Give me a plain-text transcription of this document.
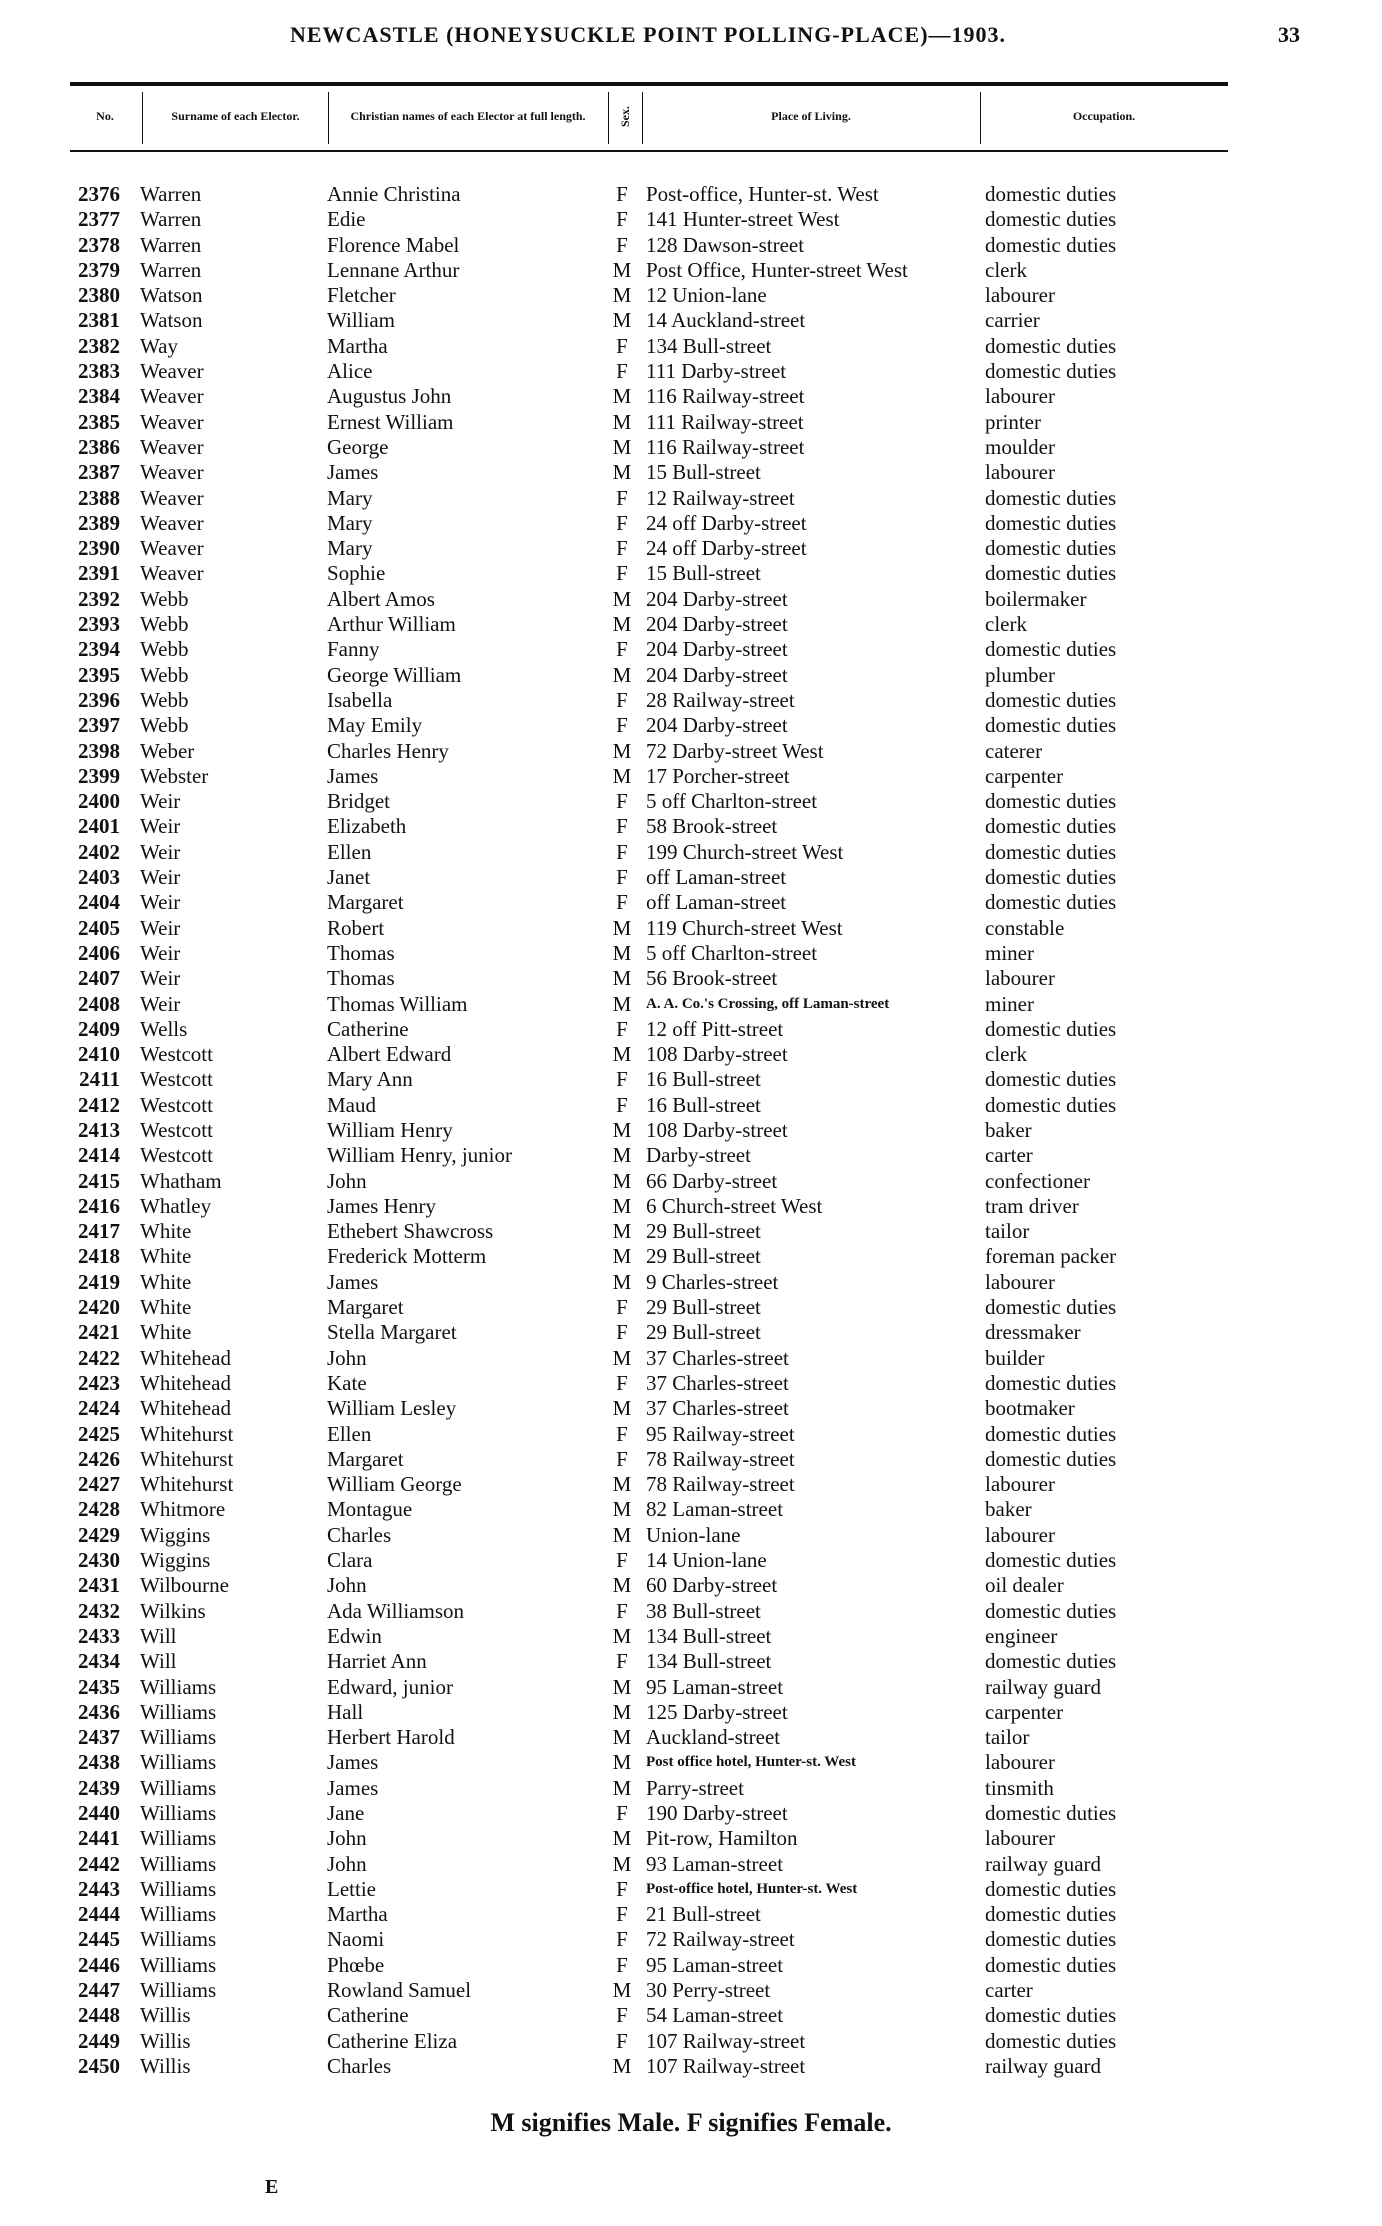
NEWCASTLE (HONEYSUCKLE POINT POLLING-PLACE)—1903.	33
No.	Surname of each Elector.	Christian names of each Elector at full length.	Sex.	Place of Living.	Occupation.
2376 Warren	Annie Christina	F Post-office, Hunter-st. West	domestic duties
2377 Warren	Edie	F 141 Hunter-street West	domestic duties
2378 Warren	Florence Mabel	F 128 Dawson-street	domestic duties
2379 Warren	Lennane Arthur	M Post Office, Hunter-street West	clerk
2380 Watson	Fletcher	M 12 Union-lane	labourer
2381 Watson	William	M 14 Auckland-street	carrier
2382 Way	Martha	F 134 Bull-street	domestic duties
2383 Weaver	Alice	F 111 Darby-street	domestic duties
2384 Weaver	Augustus John	M 116 Railway-street	labourer
2385 Weaver	Ernest William	M 111 Railway-street	printer
2386 Weaver	George	M 116 Railway-street	moulder
2387 Weaver	James	M 15 Bull-street	labourer
2388 Weaver	Mary	F 12 Railway-street	domestic duties
2389 Weaver	Mary	F 24 off Darby-street	domestic duties
2390 Weaver	Mary	F 24 off Darby-street	domestic duties
2391 Weaver	Sophie	F 15 Bull-street	domestic duties
2392 Webb	Albert Amos	M 204 Darby-street	boilermaker
2393 Webb	Arthur William	M 204 Darby-street	clerk
2394 Webb	Fanny	F 204 Darby-street	domestic duties
2395 Webb	George William	M 204 Darby-street	plumber
2396 Webb	Isabella	F 28 Railway-street	domestic duties
2397 Webb	May Emily	F 204 Darby-street	domestic duties
2398 Weber	Charles Henry	M 72 Darby-street West	caterer
2399 Webster	James	M 17 Porcher-street	carpenter
2400 Weir	Bridget	F 5 off Charlton-street	domestic duties
2401 Weir	Elizabeth	F 58 Brook-street	domestic duties
2402 Weir	Ellen	F 199 Church-street West	domestic duties
2403 Weir	Janet	F off Laman-street	domestic duties
2404 Weir	Margaret	F off Laman-street	domestic duties
2405 Weir	Robert	M 119 Church-street West	constable
2406 Weir	Thomas	M 5 off Charlton-street	miner
2407 Weir	Thomas	M 56 Brook-street	labourer
2408 Weir	Thomas William	M A. A. Co.'s Crossing, off Laman-street	miner
2409 Wells	Catherine	F 12 off Pitt-street	domestic duties
2410 Westcott	Albert Edward	M 108 Darby-street	clerk
2411 Westcott	Mary Ann	F 16 Bull-street	domestic duties
2412 Westcott	Maud	F 16 Bull-street	domestic duties
2413 Westcott	William Henry	M 108 Darby-street	baker
2414 Westcott	William Henry, junior	M Darby-street	carter
2415 Whatham	John	M 66 Darby-street	confectioner
2416 Whatley	James Henry	M 6 Church-street West	tram driver
2417 White	Ethebert Shawcross	M 29 Bull-street	tailor
2418 White	Frederick Motterm	M 29 Bull-street	foreman packer
2419 White	James	M 9 Charles-street	labourer
2420 White	Margaret	F 29 Bull-street	domestic duties
2421 White	Stella Margaret	F 29 Bull-street	dressmaker
2422 Whitehead	John	M 37 Charles-street	builder
2423 Whitehead	Kate	F 37 Charles-street	domestic duties
2424 Whitehead	William Lesley	M 37 Charles-street	bootmaker
2425 Whitehurst	Ellen	F 95 Railway-street	domestic duties
2426 Whitehurst	Margaret	F 78 Railway-street	domestic duties
2427 Whitehurst	William George	M 78 Railway-street	labourer
2428 Whitmore	Montague	M 82 Laman-street	baker
2429 Wiggins	Charles	M Union-lane	labourer
2430 Wiggins	Clara	F 14 Union-lane	domestic duties
2431 Wilbourne	John	M 60 Darby-street	oil dealer
2432 Wilkins	Ada Williamson	F 38 Bull-street	domestic duties
2433 Will	Edwin	M 134 Bull-street	engineer
2434 Will	Harriet Ann	F 134 Bull-street	domestic duties
2435 Williams	Edward, junior	M 95 Laman-street	railway guard
2436 Williams	Hall	M 125 Darby-street	carpenter
2437 Williams	Herbert Harold	M Auckland-street	tailor
2438 Williams	James	M Post office hotel, Hunter-st. West	labourer
2439 Williams	James	M Parry-street	tinsmith
2440 Williams	Jane	F 190 Darby-street	domestic duties
2441 Williams	John	M Pit-row, Hamilton	labourer
2442 Williams	John	M 93 Laman-street	railway guard
2443 Williams	Lettie	F Post-office hotel, Hunter-st. West	domestic duties
2444 Williams	Martha	F 21 Bull-street	domestic duties
2445 Williams	Naomi	F 72 Railway-street	domestic duties
2446 Williams	Phœbe	F 95 Laman-street	domestic duties
2447 Williams	Rowland Samuel	M 30 Perry-street	carter
2448 Willis	Catherine	F 54 Laman-street	domestic duties
2449 Willis	Catherine Eliza	F 107 Railway-street	domestic duties
2450 Willis	Charles	M 107 Railway-street	railway guard
M signifies Male. F signifies Female.
E
